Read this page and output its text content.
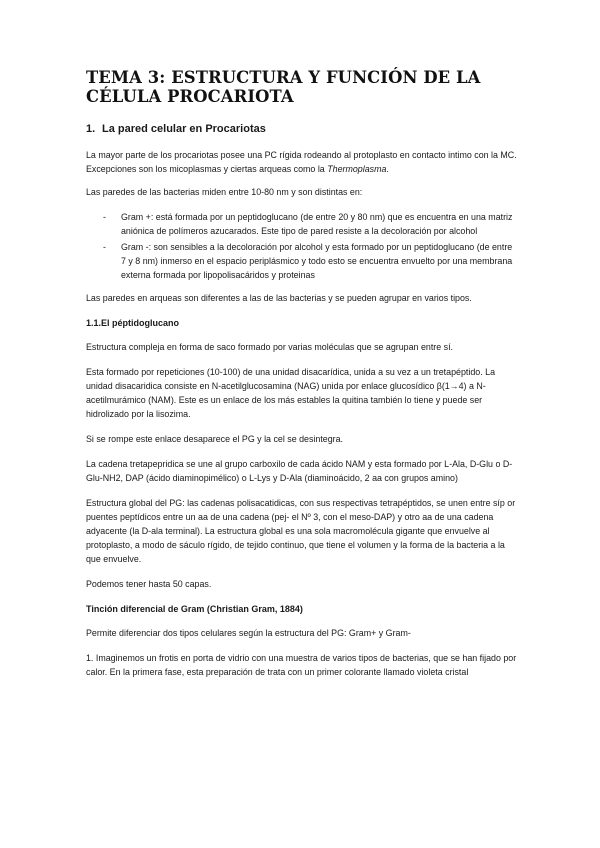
TEMA 3: ESTRUCTURA Y FUNCIÓN DE LA CÉLULA PROCARIOTA
1. La pared celular en Procariotas

La mayor parte de los procariotas posee una PC rígida rodeando al protoplasto en contacto intimo con la MC. Excepciones son los micoplasmas y ciertas arqueas como la Thermoplasma.

Las paredes de las bacterias miden entre 10-80 nm y son distintas en:

- Gram +: está formada por un peptidoglucano (de entre 20 y 80 nm) que es encuentra en una matriz aniónica de polímeros azucarados. Este tipo de pared resiste a la decoloración por alcohol
- Gram -: son sensibles a la decoloración por alcohol y esta formado por un peptidoglucano (de entre 7 y 8 nm) inmerso en el espacio periplásmico y todo esto se encuentra envuelto por una membrana externa formada por lipopolisacáridos y proteinas

Las paredes en arqueas son diferentes a las de las bacterias y se pueden agrupar en varios tipos.

1.1.El péptidoglucano

Estructura compleja en forma de saco formado por varias moléculas que se agrupan entre sí.

Esta formado por repeticiones (10-100) de una unidad disacarídica, unida a su vez a un tretapéptido. La unidad disacaridica consiste en N-acetilglucosamina (NAG) unida por enlace glucosídico β(1→4) a N-acetilmurámico (NAM). Este es un enlace de los más estables la quitina también lo tiene y puede ser hidrolizado por la lisozima.

Si se rompe este enlace desaparece el PG y la cel se desintegra.

La cadena tretapepridica se une al grupo carboxilo de cada ácido NAM y esta formado por L-Ala, D-Glu o D-Glu-NH2, DAP (ácido diaminopimélico) o L-Lys y D-Ala (diaminoácido, 2 aa con grupos amino)

Estructura global del PG: las cadenas polisacatidicas, con sus respectivas tetrapéptidos, se unen entre síp or puentes peptídicos entre un aa de una cadena (pej- el Nº 3, con el meso-DAP) y otro aa de una cadena adyacente (la D-ala terminal). La estructura global es una sola macromolécula gigante que envuelve al protoplasto, a modo de sáculo rígido, de tejido continuo, que tiene el volumen y la forma de la bacteria a la que envuelve.

Podemos tener hasta 50 capas.

Tinción diferencial de Gram (Christian Gram, 1884)

Permite diferenciar dos tipos celulares según la estructura del PG: Gram+ y Gram-

1. Imaginemos un frotis en porta de vidrio con una muestra de varios tipos de bacterias, que se han fijado por calor. En la primera fase, esta preparación de trata con un primer colorante llamado violeta cristal
